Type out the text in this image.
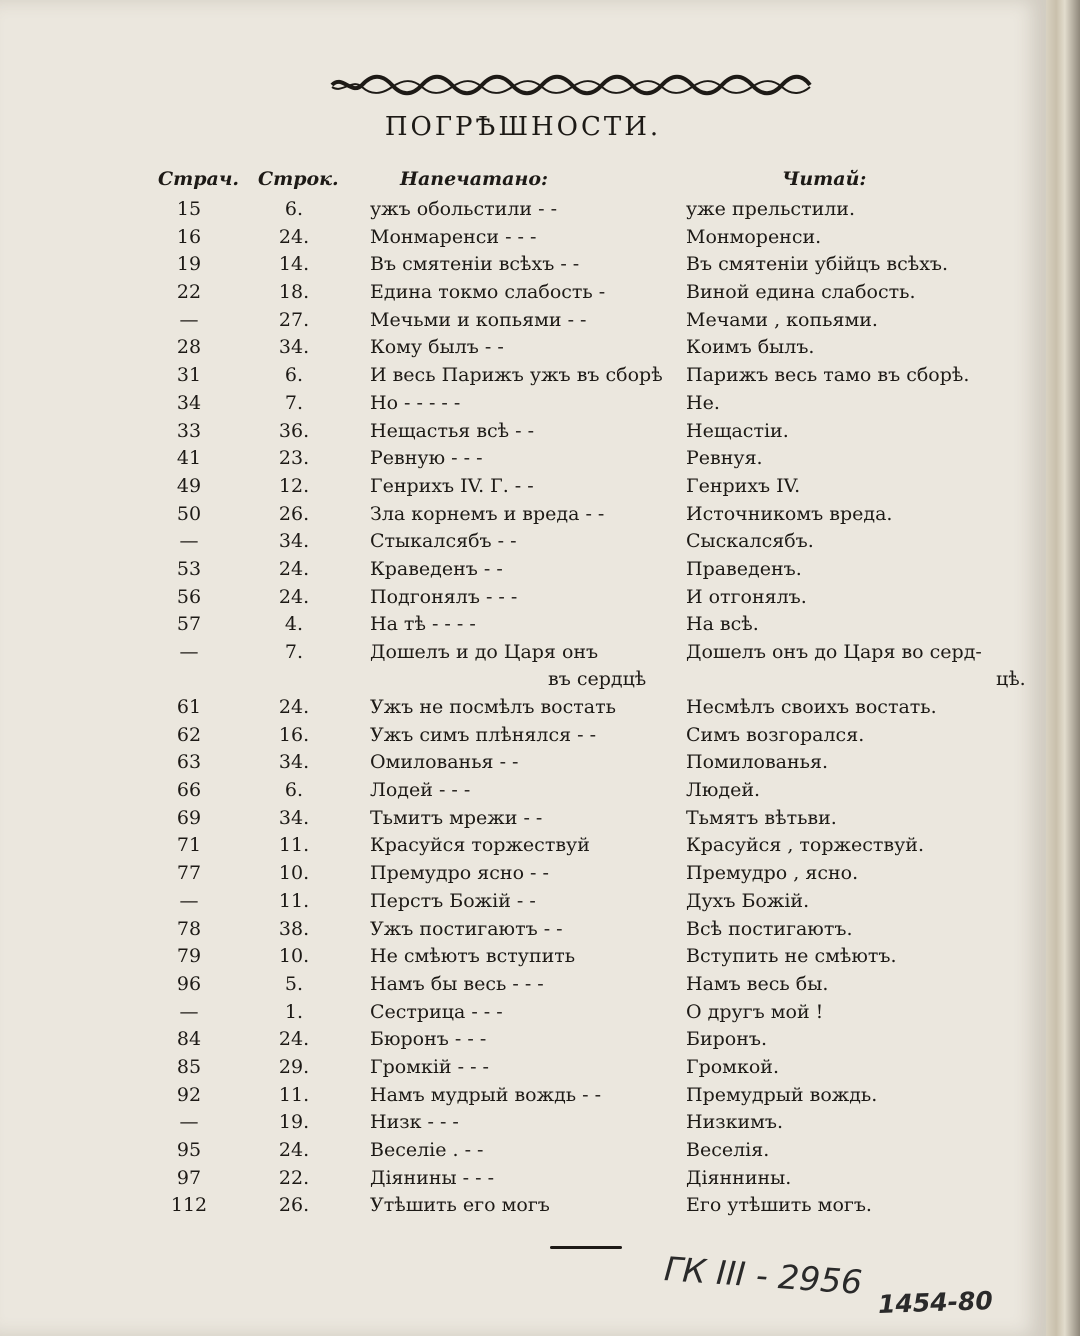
ПОГРѢШНОСТИ.
Страч. Строк.	Напечатано:	Читай:
15	6.	ужъ обольстили - -	уже прельстили.
16	24.	Монмаренси - - -	Монморенси.
19	14.	Въ смятенiи всѣхъ - -	Въ смятенiи убiйцъ всѣхъ.
22	18.	Едина токмо слабость -	Виной едина слабость.
—	27.	Мечьми и копьями - -	Мечами , копьями.
28	34.	Кому былъ - -	Коимъ былъ.
31	6.	И весь Парижъ ужъ въ сборѣ	Парижъ весь тамо въ сборѣ.
34	7.	Но - - - - -	Не.
33	36.	Нещастья всѣ - -	Нещастiи.
41	23.	Ревную - - -	Ревнуя.
49	12.	Генрихъ IV. Г. - -	Генрихъ IV.
50	26.	Зла корнемъ и вреда - -	Источникомъ вреда.
—	34.	Стыкалсябъ - -	Сыскалсябъ.
53	24.	Краведенъ - -	Праведенъ.
56	24.	Подгонялъ - - -	И отгонялъ.
57	4.	На тѣ - - - -	На всѣ.
—	7.	Дошелъ и до Царя онъ	Дошелъ онъ до Царя во серд-
въ сердцѣ	цѣ.
61	24.	Ужъ не посмѣлъ востать	Несмѣлъ своихъ востать.
62	16.	Ужъ симъ плѣнялся - -	Симъ возгорался.
63	34.	Омилованья - -	Помилованья.
66	6.	Лодей - - -	Людей.
69	34.	Тьмитъ мрежи - -	Тьмятъ вѣтьви.
71	11.	Красуйся торжествуй	Красуйся , торжествуй.
77	10.	Премудро ясно - -	Премудро , ясно.
—	11.	Перстъ Божiй - -	Духъ Божiй.
78	38.	Ужъ постигаютъ - -	Всѣ постигаютъ.
79	10.	Не смѣютъ вступить	Вступить не смѣютъ.
96	5.	Намъ бы весь - - -	Намъ весь бы.
—	1.	Сестрица - - -	О другъ мой !
84	24.	Бюронъ - - -	Биронъ.
85	29.	Громкiй - - -	Громкой.
92	11.	Намъ мудрый вождь - -	Премудрый вождь.
—	19.	Низк - - -	Низкимъ.
95	24.	Веселiе . - -	Веселiя.
97	22.	Дiянины - - -	Дiяннины.
112	26.	Утѣшить его могъ	Его утѣшить могъ.
ГК III - 2956
1454-80
